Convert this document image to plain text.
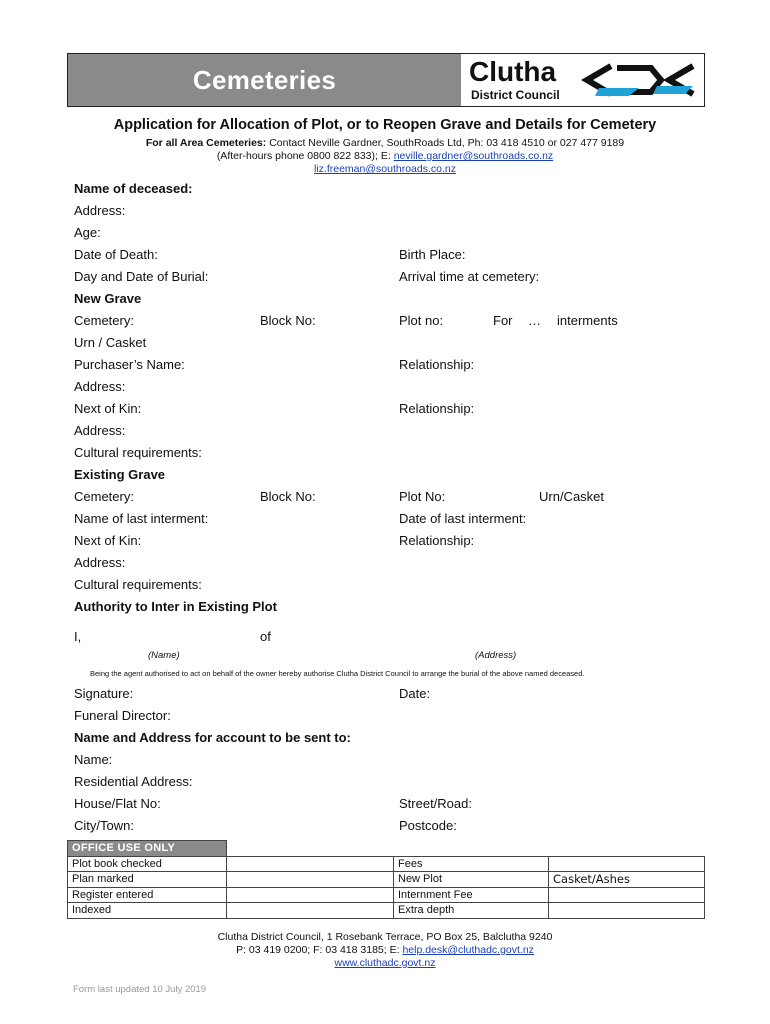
Cemeteries	Clutha
District Council
Application for Allocation of Plot, or to Reopen Grave and Details for Cemetery
For all Area Cemeteries: Contact Neville Gardner, SouthRoads Ltd, Ph: 03 418 4510 or 027 477 9189
(After-hours phone 0800 822 833); E: neville.gardner@southroads.co.nz
liz.freeman@southroads.co.nz
Name of deceased:
Address:
Age:
Date of Death:	Birth Place:
Day and Date of Burial:	Arrival time at cemetery:
New Grave
Cemetery:	Block No:	Plot no:	For … interments
Urn / Casket
Purchaser’s Name:	Relationship:
Address:
Next of Kin:	Relationship:
Address:
Cultural requirements:
Existing Grave
Cemetery:	Block No:	Plot No:	Urn/Casket
Name of last interment:	Date of last interment:
Next of Kin:	Relationship:
Address:
Cultural requirements:
Authority to Inter in Existing Plot
I,	of
(Name)	(Address)
Being the agent authorised to act on behalf of the owner hereby authorise Clutha District Council to arrange the burial of the above named deceased.
Signature:	Date:
Funeral Director:
Name and Address for account to be sent to:
Name:
Residential Address:
House/Flat No:	Street/Road:
City/Town:	Postcode:
OFFICE USE ONLY			
Plot book checked		Fees	
Plan marked		New Plot	Casket/Ashes
Register entered		Internment Fee	
Indexed		Extra depth	
Clutha District Council, 1 Rosebank Terrace, PO Box 25, Balclutha 9240
P: 03 419 0200; F: 03 418 3185; E: help.desk@cluthadc.govt.nz
www.cluthadc.govt.nz
Form last updated 10 July 2019
